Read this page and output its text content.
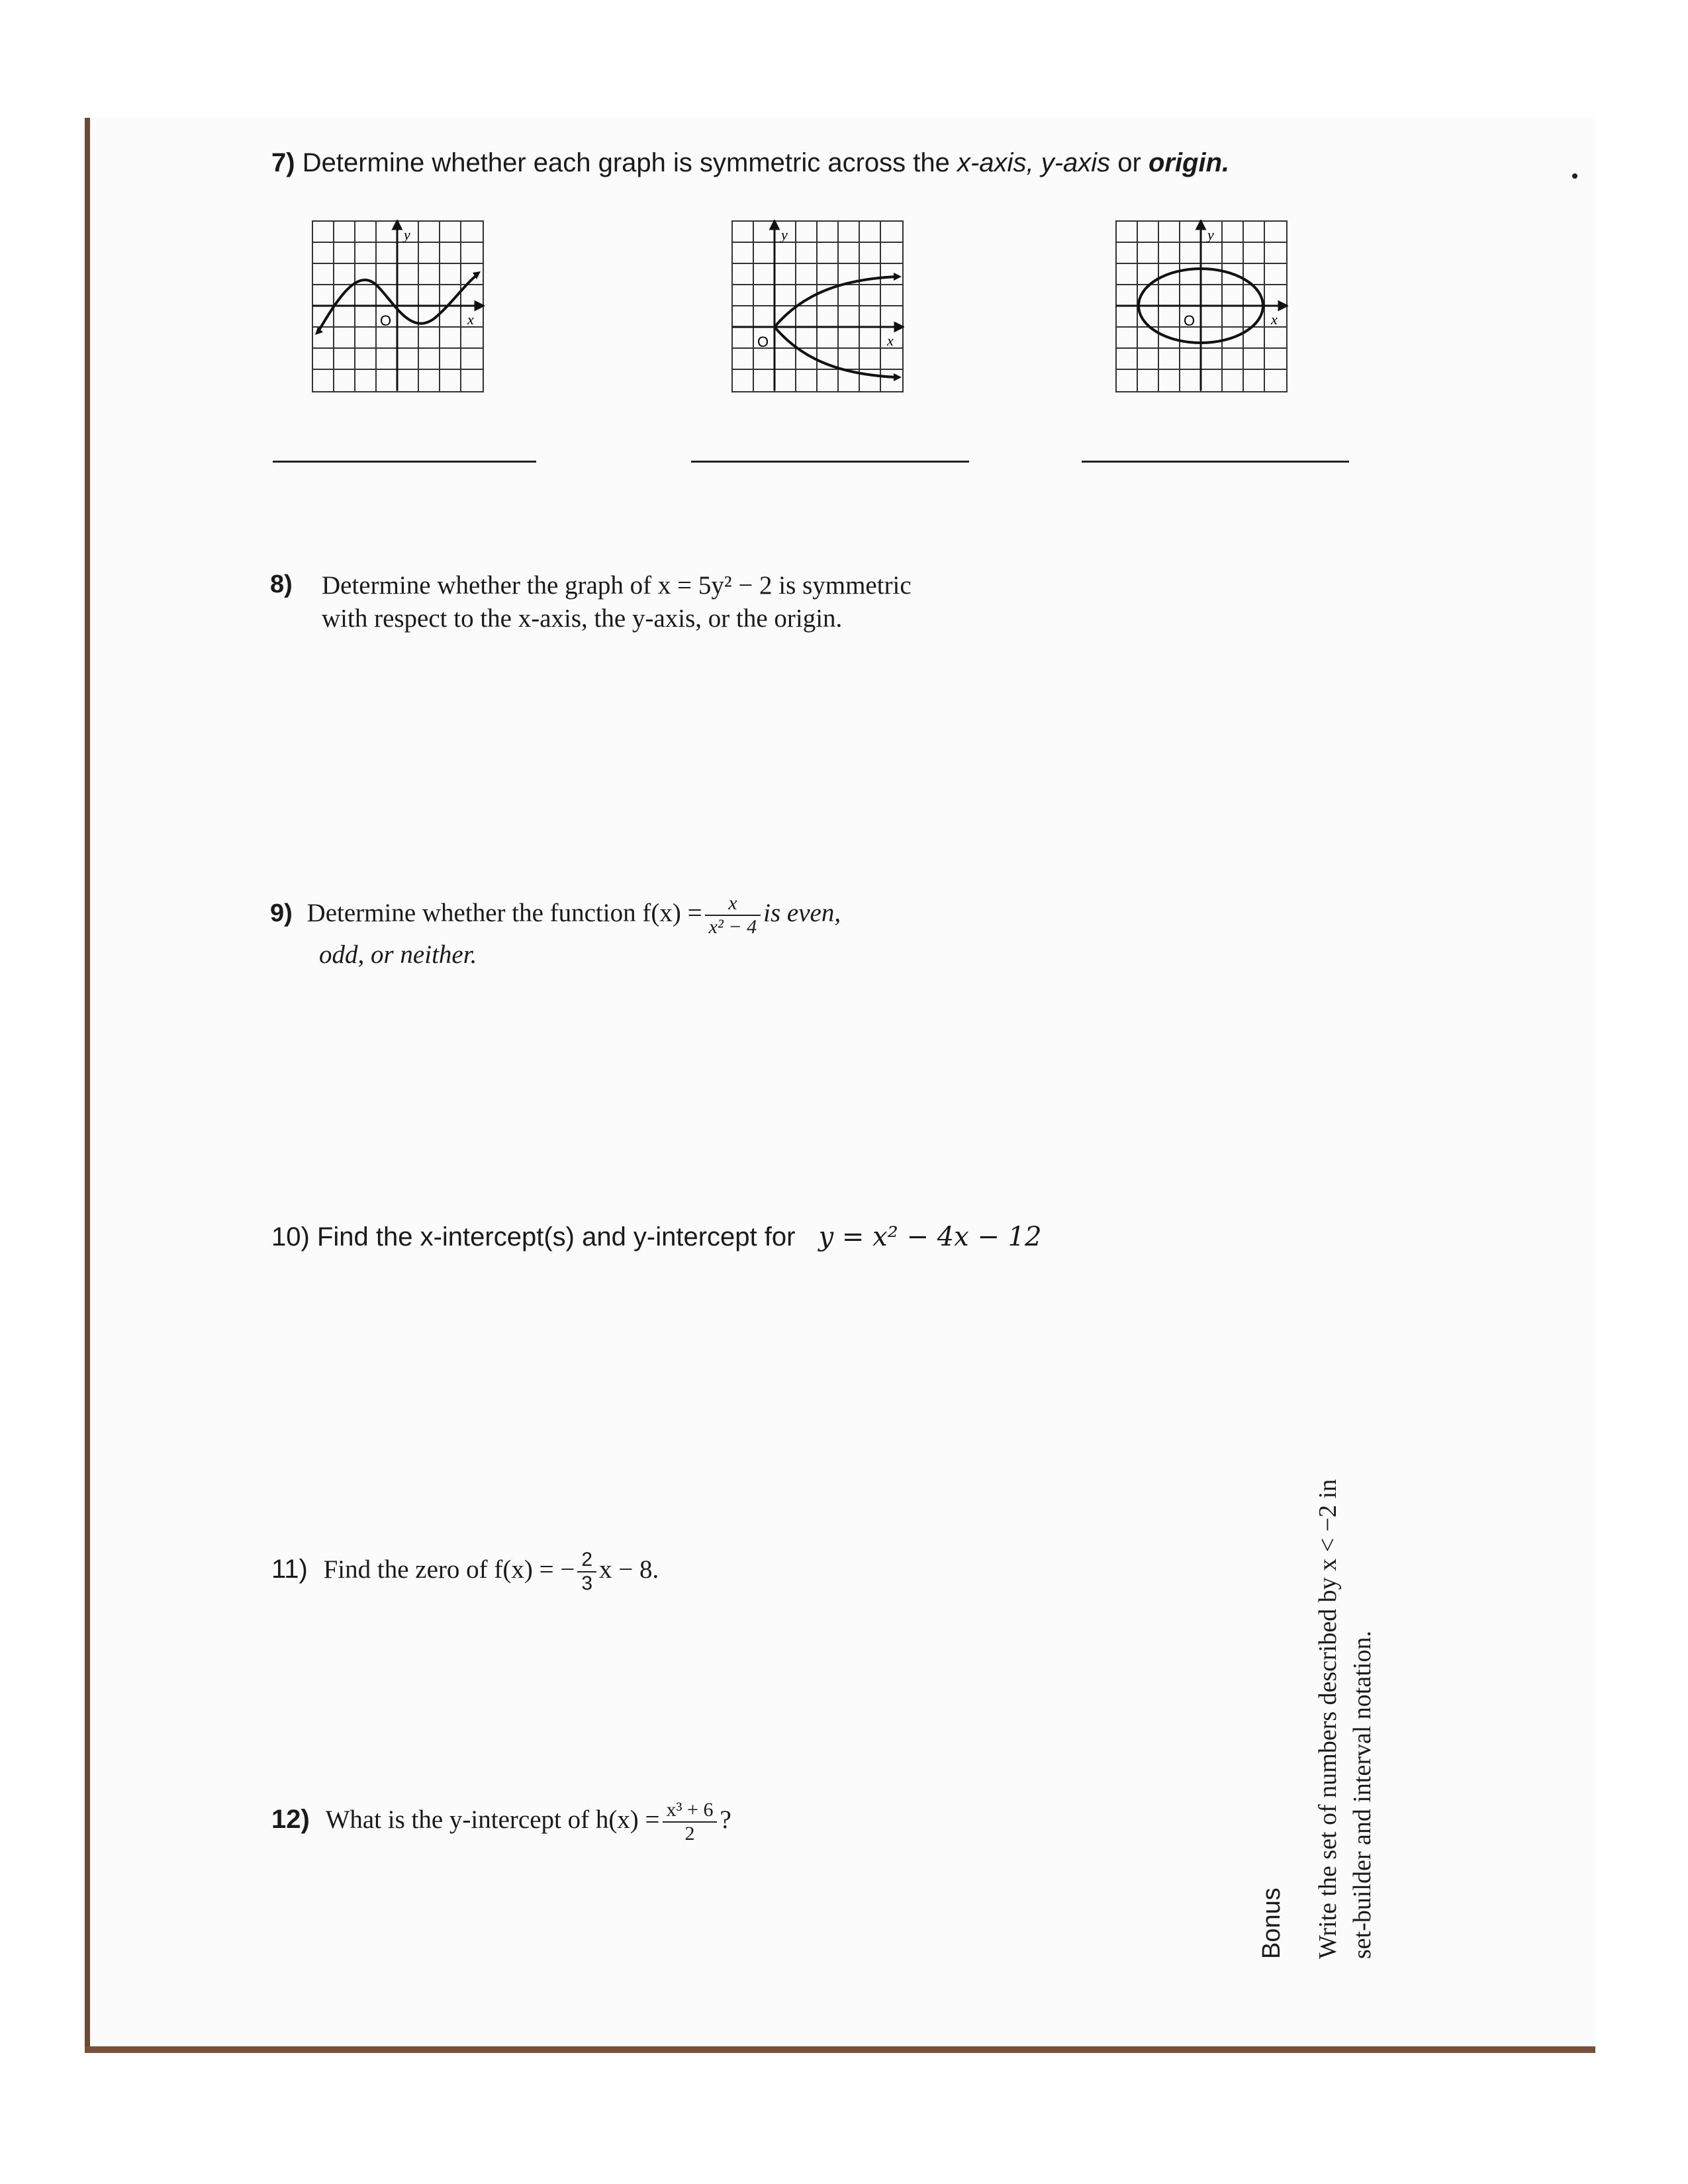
7) Determine whether each graph is symmetric across the x-axis, y-axis or origin.
y
x
O
y
x
O
y
x
O
8) Determine whether the graph of x = 5y² − 2 is symmetric
with respect to the x-axis, the y-axis, or the origin.
9) Determine whether the function $f(x) = \frac{x}{\text{x² − 4}}$ is even,
odd, or neither.
10) Find the x-intercept(s) and y-intercept for y = x² − 4x − 12
11) Find the zero of f(x) = − $\frac{2}{3}$ x − 8.
12) What is the y-intercept of $h(x) = \frac{\text{x³ + 6}}{2}$ ?
Bonus Write the set of numbers described by x < −2 in set-builder and interval notation.
